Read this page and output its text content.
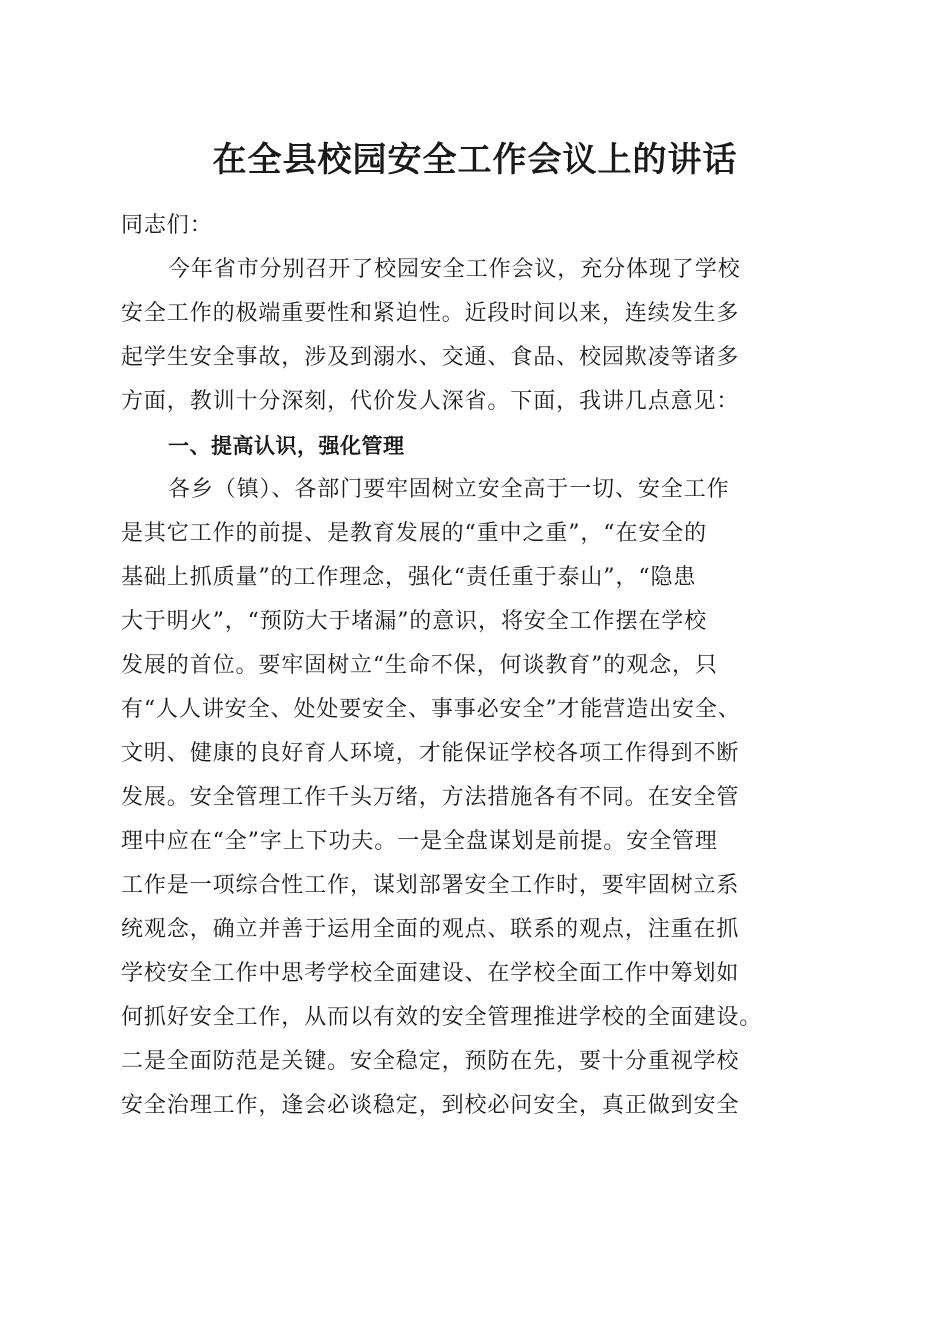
在全县校园安全工作会议上的讲话
同志们：
今年省市分别召开了校园安全工作会议，充分体现了学校
安全工作的极端重要性和紧迫性。近段时间以来，连续发生多
起学生安全事故，涉及到溺水、交通、食品、校园欺凌等诸多
方面，教训十分深刻，代价发人深省。下面，我讲几点意见：
一、提高认识，强化管理
各乡（镇）、各部门要牢固树立安全高于一切、安全工作
是其它工作的前提、是教育发展的“重中之重”，“在安全的
基础上抓质量”的工作理念，强化“责任重于泰山”，“隐患
大于明火”，“预防大于堵漏”的意识，将安全工作摆在学校
发展的首位。要牢固树立“生命不保，何谈教育”的观念，只
有“人人讲安全、处处要安全、事事必安全”才能营造出安全、
文明、健康的良好育人环境，才能保证学校各项工作得到不断
发展。安全管理工作千头万绪，方法措施各有不同。在安全管
理中应在“全”字上下功夫。一是全盘谋划是前提。安全管理
工作是一项综合性工作，谋划部署安全工作时，要牢固树立系
统观念，确立并善于运用全面的观点、联系的观点，注重在抓
学校安全工作中思考学校全面建设、在学校全面工作中筹划如
何抓好安全工作，从而以有效的安全管理推进学校的全面建设。
二是全面防范是关键。安全稳定，预防在先，要十分重视学校
安全治理工作，逢会必谈稳定，到校必问安全，真正做到安全
